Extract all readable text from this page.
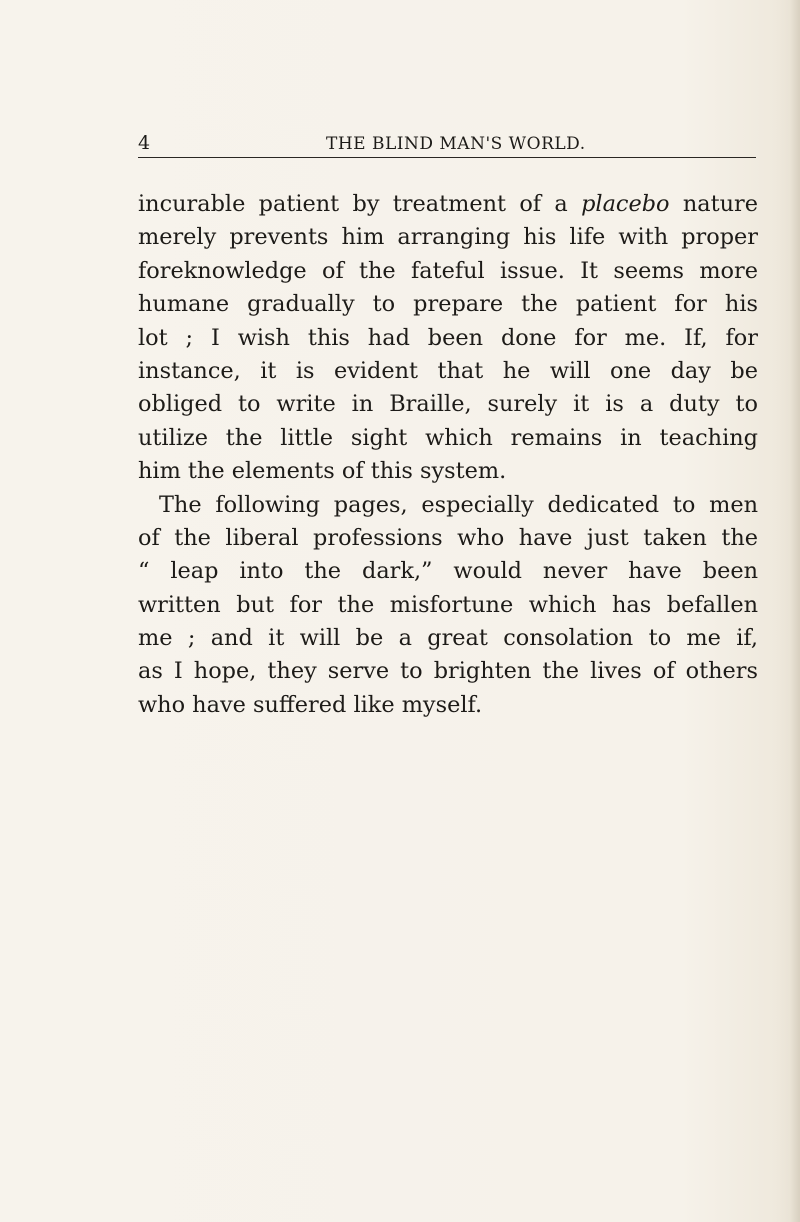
4	THE BLIND MAN'S WORLD.
incurable patient by treatment of a placebo nature
merely prevents him arranging his life with proper
foreknowledge of the fateful issue. It seems more
humane gradually to prepare the patient for his
lot ; I wish this had been done for me. If, for
instance, it is evident that he will one day be
obliged to write in Braille, surely it is a duty to
utilize the little sight which remains in teaching
him the elements of this system.
The following pages, especially dedicated to men
of the liberal professions who have just taken the
“ leap into the dark,” would never have been
written but for the misfortune which has befallen
me ; and it will be a great consolation to me if,
as I hope, they serve to brighten the lives of others
who have suffered like myself.
